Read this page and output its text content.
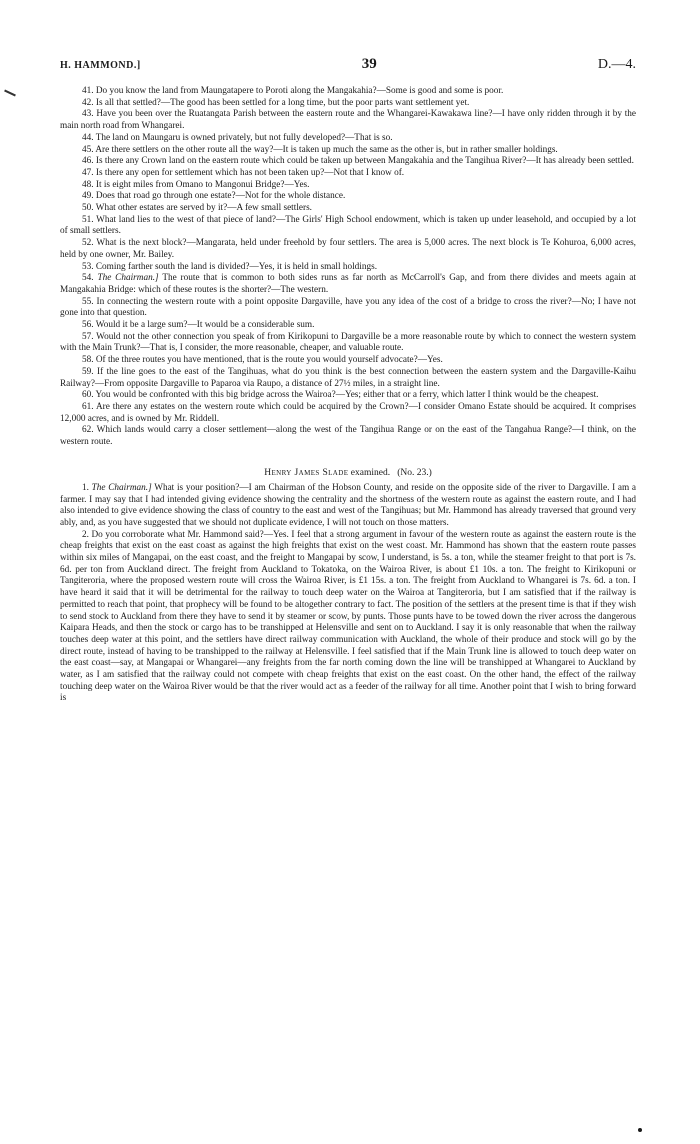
H. HAMMOND.]	39	D.—4.

41. Do you know the land from Maungatapere to Poroti along the Mangakahia?—Some is good and some is poor.

42. Is all that settled?—The good has been settled for a long time, but the poor parts want settlement yet.

43. Have you been over the Ruatangata Parish between the eastern route and the Whangarei-Kawakawa line?—I have only ridden through it by the main north road from Whangarei.

44. The land on Maungaru is owned privately, but not fully developed?—That is so.

45. Are there settlers on the other route all the way?—It is taken up much the same as the other is, but in rather smaller holdings.

46. Is there any Crown land on the eastern route which could be taken up between Mangakahia and the Tangihua River?—It has already been settled.

47. Is there any open for settlement which has not been taken up?—Not that I know of.

48. It is eight miles from Omano to Mangonui Bridge?—Yes.

49. Does that road go through one estate?—Not for the whole distance.

50. What other estates are served by it?—A few small settlers.

51. What land lies to the west of that piece of land?—The Girls' High School endowment, which is taken up under leasehold, and occupied by a lot of small settlers.

52. What is the next block?—Mangarata, held under freehold by four settlers. The area is 5,000 acres. The next block is Te Kohuroa, 6,000 acres, held by one owner, Mr. Bailey.

53. Coming farther south the land is divided?—Yes, it is held in small holdings.

54. The Chairman.] The route that is common to both sides runs as far north as McCarroll's Gap, and from there divides and meets again at Mangakahia Bridge: which of these routes is the shorter?—The western.

55. In connecting the western route with a point opposite Dargaville, have you any idea of the cost of a bridge to cross the river?—No; I have not gone into that question.

56. Would it be a large sum?—It would be a considerable sum.

57. Would not the other connection you speak of from Kirikopuni to Dargaville be a more reasonable route by which to connect the western system with the Main Trunk?—That is, I consider, the more reasonable, cheaper, and valuable route.

58. Of the three routes you have mentioned, that is the route you would yourself advocate?—Yes.

59. If the line goes to the east of the Tangihuas, what do you think is the best connection between the eastern system and the Dargaville-Kaihu Railway?—From opposite Dargaville to Paparoa via Raupo, a distance of 27½ miles, in a straight line.

60. You would be confronted with this big bridge across the Wairoa?—Yes; either that or a ferry, which latter I think would be the cheapest.

61. Are there any estates on the western route which could be acquired by the Crown?—I consider Omano Estate should be acquired. It comprises 12,000 acres, and is owned by Mr. Riddell.

62. Which lands would carry a closer settlement—along the west of the Tangihua Range or on the east of the Tangahua Range?—I think, on the western route.

Henry James Slade examined. (No. 23.)

1. The Chairman.] What is your position?—I am Chairman of the Hobson County, and reside on the opposite side of the river to Dargaville. I am a farmer. I may say that I had intended giving evidence showing the centrality and the shortness of the western route as against the eastern route, and I had also intended to give evidence showing the class of country to the east and west of the Tangihuas; but Mr. Hammond has already traversed that ground very ably, and, as you have suggested that we should not duplicate evidence, I will not touch on those matters.

2. Do you corroborate what Mr. Hammond said?—Yes. I feel that a strong argument in favour of the western route as against the eastern route is the cheap freights that exist on the east coast as against the high freights that exist on the west coast. Mr. Hammond has shown that the eastern route passes within six miles of Mangapai, on the east coast, and the freight to Mangapai by scow, I understand, is 5s. a ton, while the steamer freight to that port is 7s. 6d. per ton from Auckland direct. The freight from Auckland to Tokatoka, on the Wairoa River, is about £1 10s. a ton. The freight to Kirikopuni or Tangiteroria, where the proposed western route will cross the Wairoa River, is £1 15s. a ton. The freight from Auckland to Whangarei is 7s. 6d. a ton. I have heard it said that it will be detrimental for the railway to touch deep water on the Wairoa at Tangiteroria, but I am satisfied that if the railway is permitted to reach that point, that prophecy will be found to be altogether contrary to fact. The position of the settlers at the present time is that if they wish to send stock to Auckland from there they have to send it by steamer or scow, by punts. Those punts have to be towed down the river across the dangerous Kaipara Heads, and then the stock or cargo has to be transhipped at Helensville and sent on to Auckland. I say it is only reasonable that when the railway touches deep water at this point, and the settlers have direct railway communication with Auckland, the whole of their produce and stock will go by the direct route, instead of having to be transhipped to the railway at Helensville. I feel satisfied that if the Main Trunk line is allowed to touch deep water on the east coast—say, at Mangapai or Whangarei—any freights from the far north coming down the line will be transhipped at Whangarei to Auckland by water, as I am satisfied that the railway could not compete with cheap freights that exist on the east coast. On the other hand, the effect of the railway touching deep water on the Wairoa River would be that the river would act as a feeder of the railway for all time. Another point that I wish to bring forward is
